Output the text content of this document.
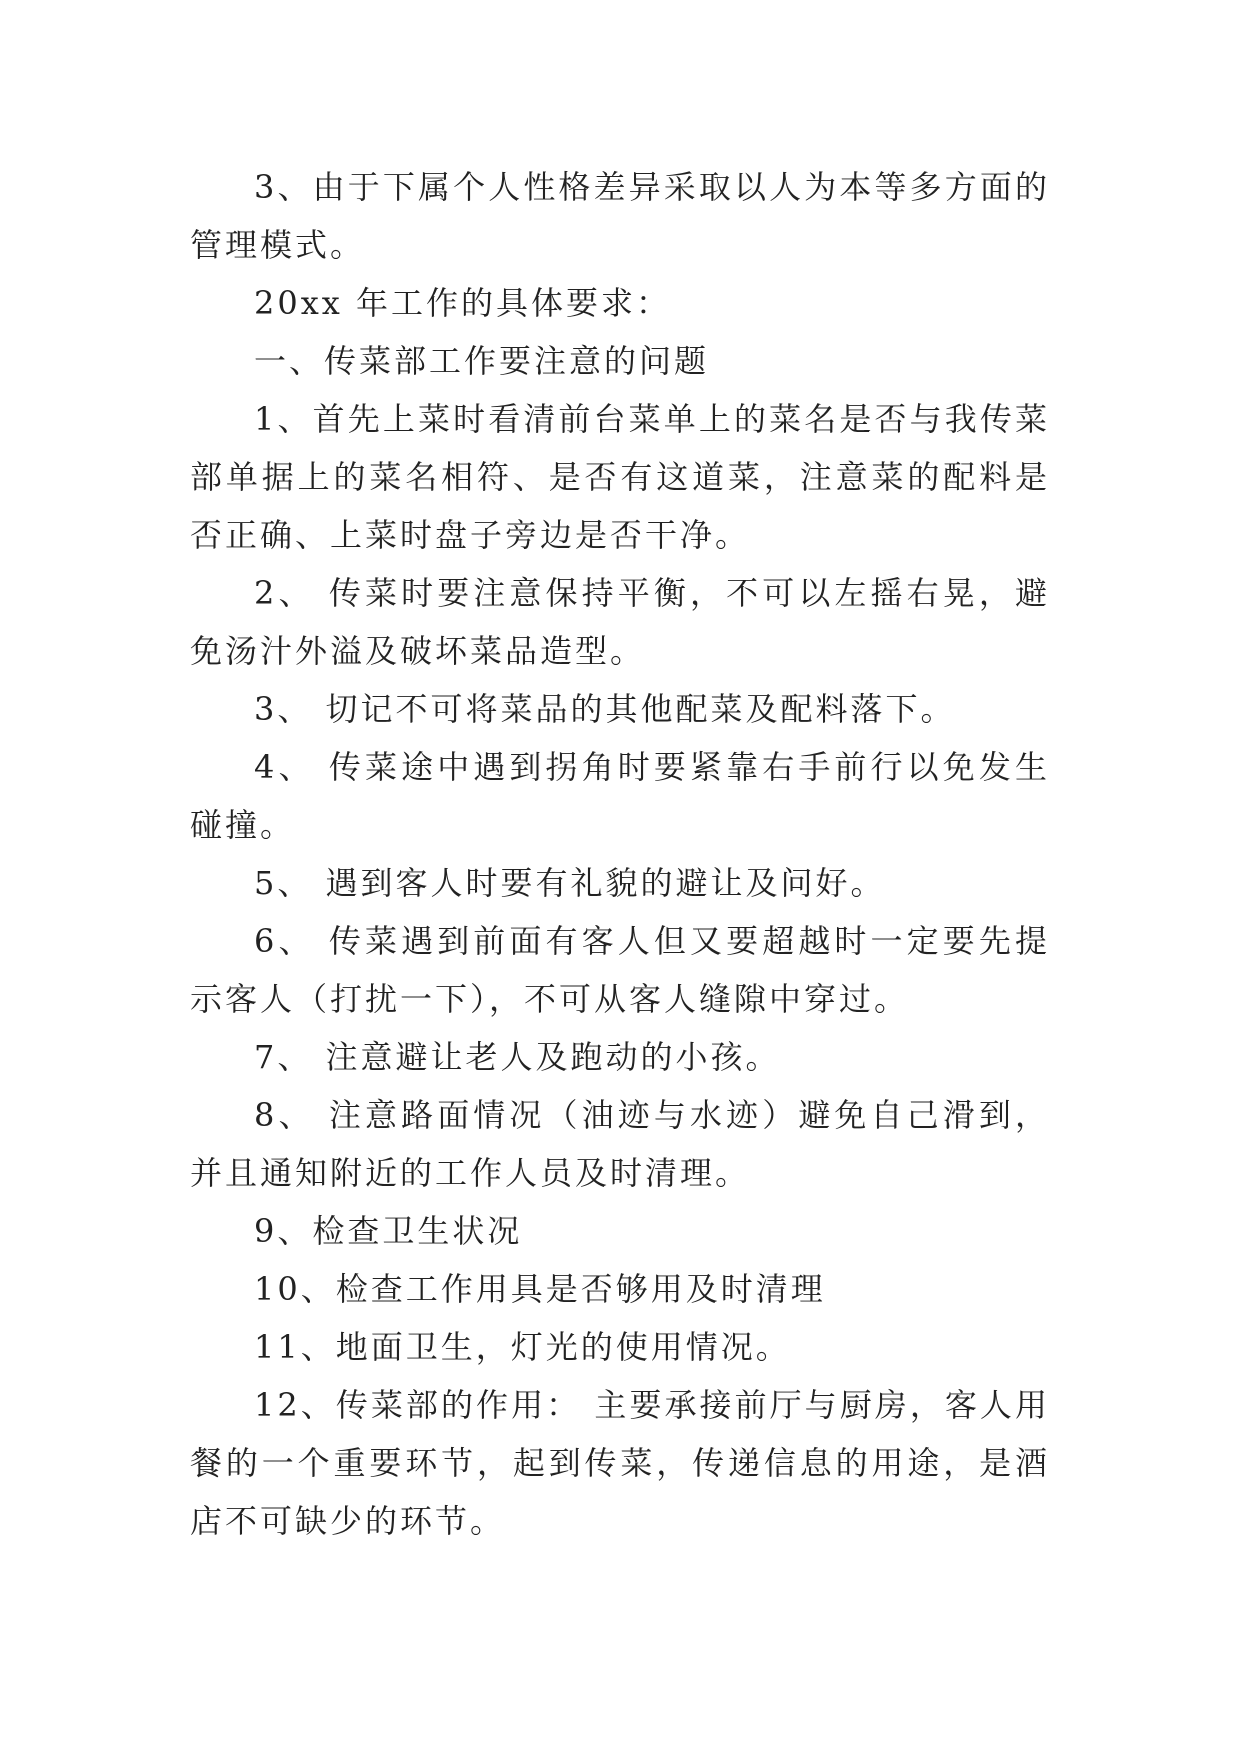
3、由于下属个人性格差异采取以人为本等多方面的管理模式。

20xx 年工作的具体要求：

一、传菜部工作要注意的问题

1、首先上菜时看清前台菜单上的菜名是否与我传菜部单据上的菜名相符、是否有这道菜，注意菜的配料是否正确、上菜时盘子旁边是否干净。

2、 传菜时要注意保持平衡，不可以左摇右晃，避免汤汁外溢及破坏菜品造型。

3、 切记不可将菜品的其他配菜及配料落下。

4、 传菜途中遇到拐角时要紧靠右手前行以免发生碰撞。

5、 遇到客人时要有礼貌的避让及问好。

6、 传菜遇到前面有客人但又要超越时一定要先提示客人（打扰一下），不可从客人缝隙中穿过。

7、 注意避让老人及跑动的小孩。

8、 注意路面情况（油迹与水迹）避免自己滑到，并且通知附近的工作人员及时清理。

9、检查卫生状况

10、检查工作用具是否够用及时清理

11、地面卫生，灯光的使用情况。

12、传菜部的作用： 主要承接前厅与厨房，客人用餐的一个重要环节，起到传菜，传递信息的用途，是酒店不可缺少的环节。
